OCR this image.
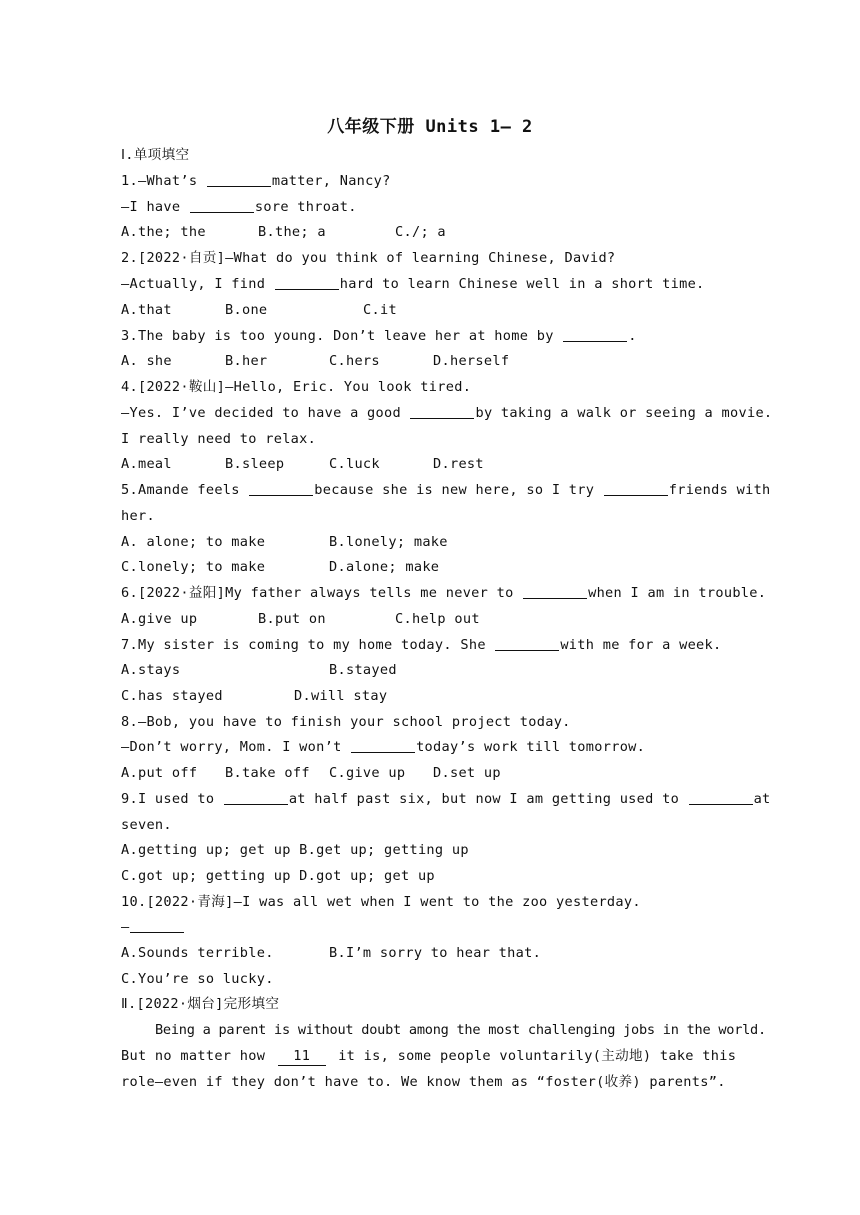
八年级下册 Units 1— 2
Ⅰ.单项填空
1.—What’s	matter, Nancy?
—I have	sore throat.
A.the; the	B.the; a	C./; a
2.[2022·自贡]—What do you think of learning Chinese, David?
—Actually, I find	hard to learn Chinese well in a short time.
A.that	B.one	C.it
3.The baby is too young. Don’t leave her at home by	.
A. she	B.her	C.hers	D.herself
4.[2022·鞍山]—Hello, Eric. You look tired.
—Yes. I’ve decided to have a good	by taking a walk or seeing a movie.
I really need to relax.
A.meal	B.sleep	C.luck	D.rest
5.Amande feels	because she is new here, so I try	friends with
her.
A. alone; to make	B.lonely; make
C.lonely; to make	D.alone; make
6.[2022·益阳]My father always tells me never to	when I am in trouble.
A.give up	B.put on	C.help out
7.My sister is coming to my home today. She	with me for a week.
A.stays	B.stayed
C.has stayed	D.will stay
8.—Bob, you have to finish your school project today.
—Don’t worry, Mom. I won’t	today’s work till tomorrow.
A.put off B.take off C.give up D.set up
9.I used to	at half past six, but now I am getting used to	at
seven.
A.getting up; get up B.get up; getting up
C.got up; getting up D.got up; get up
10.[2022·青海]—I was all wet when I went to the zoo yesterday.
—
A.Sounds terrible.	B.I’m sorry to hear that.
C.You’re so lucky.
Ⅱ.[2022·烟台]完形填空
Being a parent is without doubt among the most challenging jobs in the world.
But no matter how 11 it is, some people voluntarily(主动地) take this
role—even if they don’t have to. We know them as “foster(收养) parents”.
